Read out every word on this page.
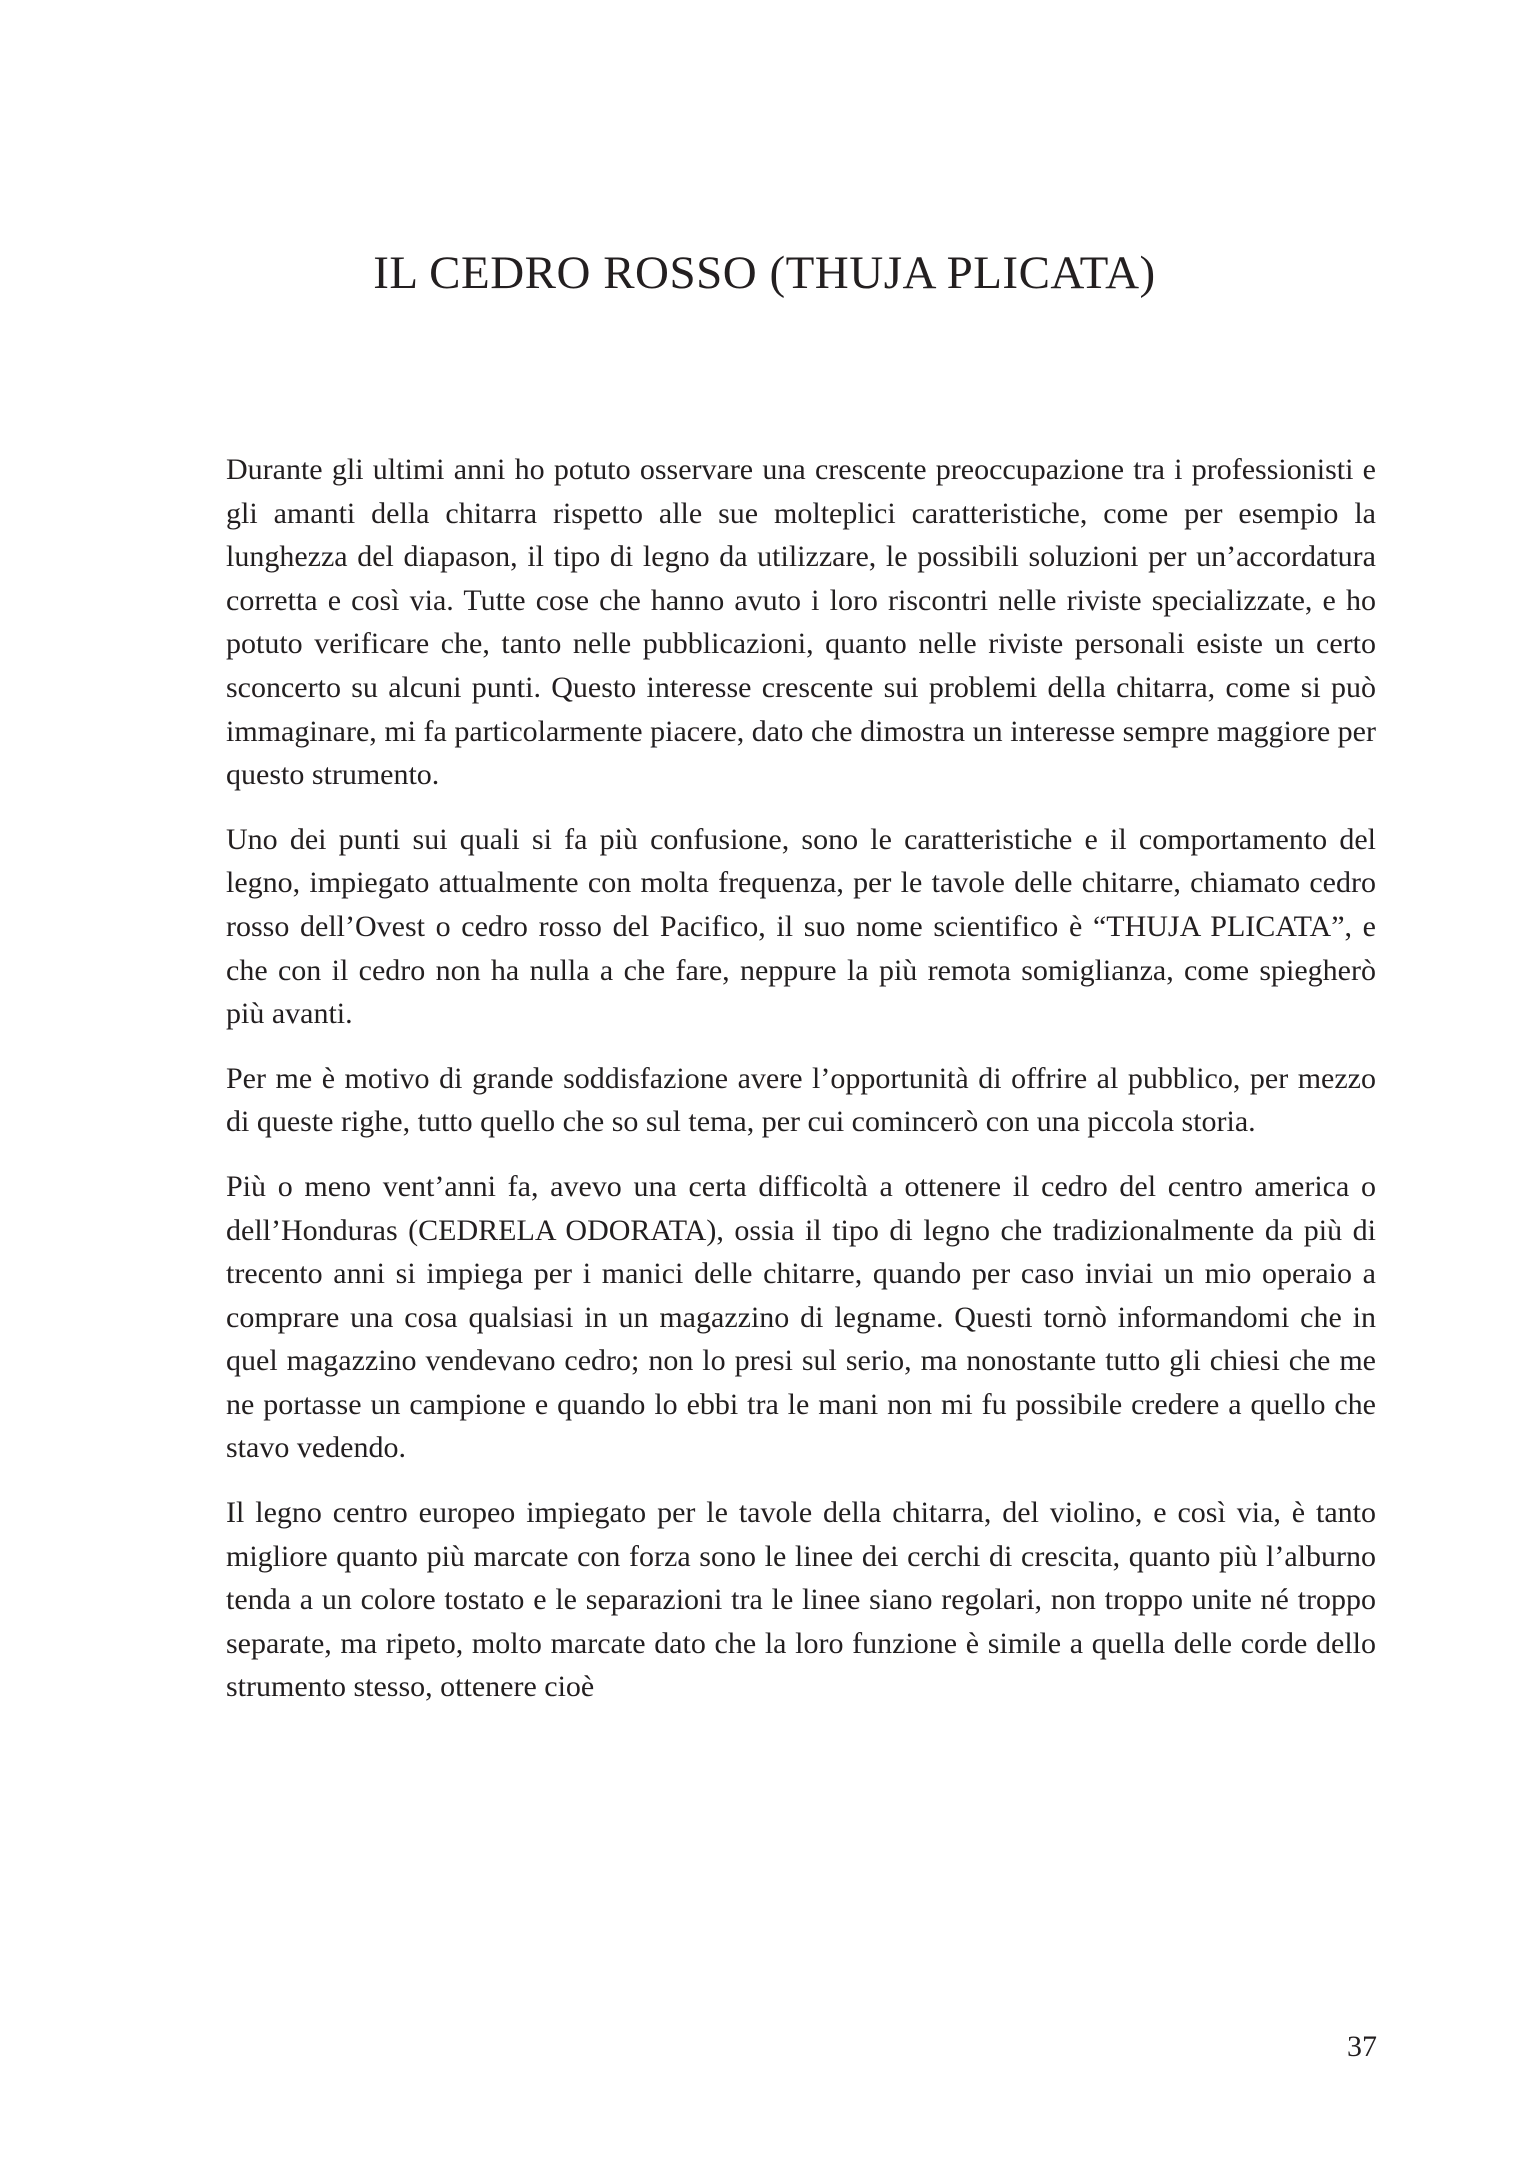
IL CEDRO ROSSO (THUJA PLICATA)

Durante gli ultimi anni ho potuto osservare una crescente preoccupazione tra i professionisti e gli amanti della chitarra rispetto alle sue molteplici caratteristiche, come per esempio la lunghezza del diapason, il tipo di legno da utilizzare, le possibili soluzioni per un’accordatura corretta e così via. Tutte cose che hanno avuto i loro riscontri nelle riviste specializzate, e ho potuto verificare che, tanto nelle pubblicazioni, quanto nelle riviste personali esiste un certo sconcerto su alcuni punti. Questo interesse crescente sui problemi della chitarra, come si può immaginare, mi fa particolarmente piacere, dato che dimostra un interesse sempre maggiore per questo strumento.

Uno dei punti sui quali si fa più confusione, sono le caratteristiche e il comportamento del legno, impiegato attualmente con molta frequenza, per le tavole delle chitarre, chiamato cedro rosso dell’Ovest o cedro rosso del Pacifico, il suo nome scientifico è “THUJA PLICATA”, e che con il cedro non ha nulla a che fare, neppure la più remota somiglianza, come spiegherò più avanti.

Per me è motivo di grande soddisfazione avere l’opportunità di offrire al pubblico, per mezzo di queste righe, tutto quello che so sul tema, per cui comincerò con una piccola storia.

Più o meno vent’anni fa, avevo una certa difficoltà a ottenere il cedro del centro america o dell’Honduras (CEDRELA ODORATA), ossia il tipo di legno che tradizionalmente da più di trecento anni si impiega per i manici delle chitarre, quando per caso inviai un mio operaio a comprare una cosa qualsiasi in un magazzino di legname. Questi tornò informandomi che in quel magazzino vendevano cedro; non lo presi sul serio, ma nonostante tutto gli chiesi che me ne portasse un campione e quando lo ebbi tra le mani non mi fu possibile credere a quello che stavo vedendo.

Il legno centro europeo impiegato per le tavole della chitarra, del violino, e così via, è tanto migliore quanto più marcate con forza sono le linee dei cerchi di crescita, quanto più l’alburno tenda a un colore tostato e le separazioni tra le linee siano regolari, non troppo unite né troppo separate, ma ripeto, molto marcate dato che la loro funzione è simile a quella delle corde dello strumento stesso, ottenere cioè

37
